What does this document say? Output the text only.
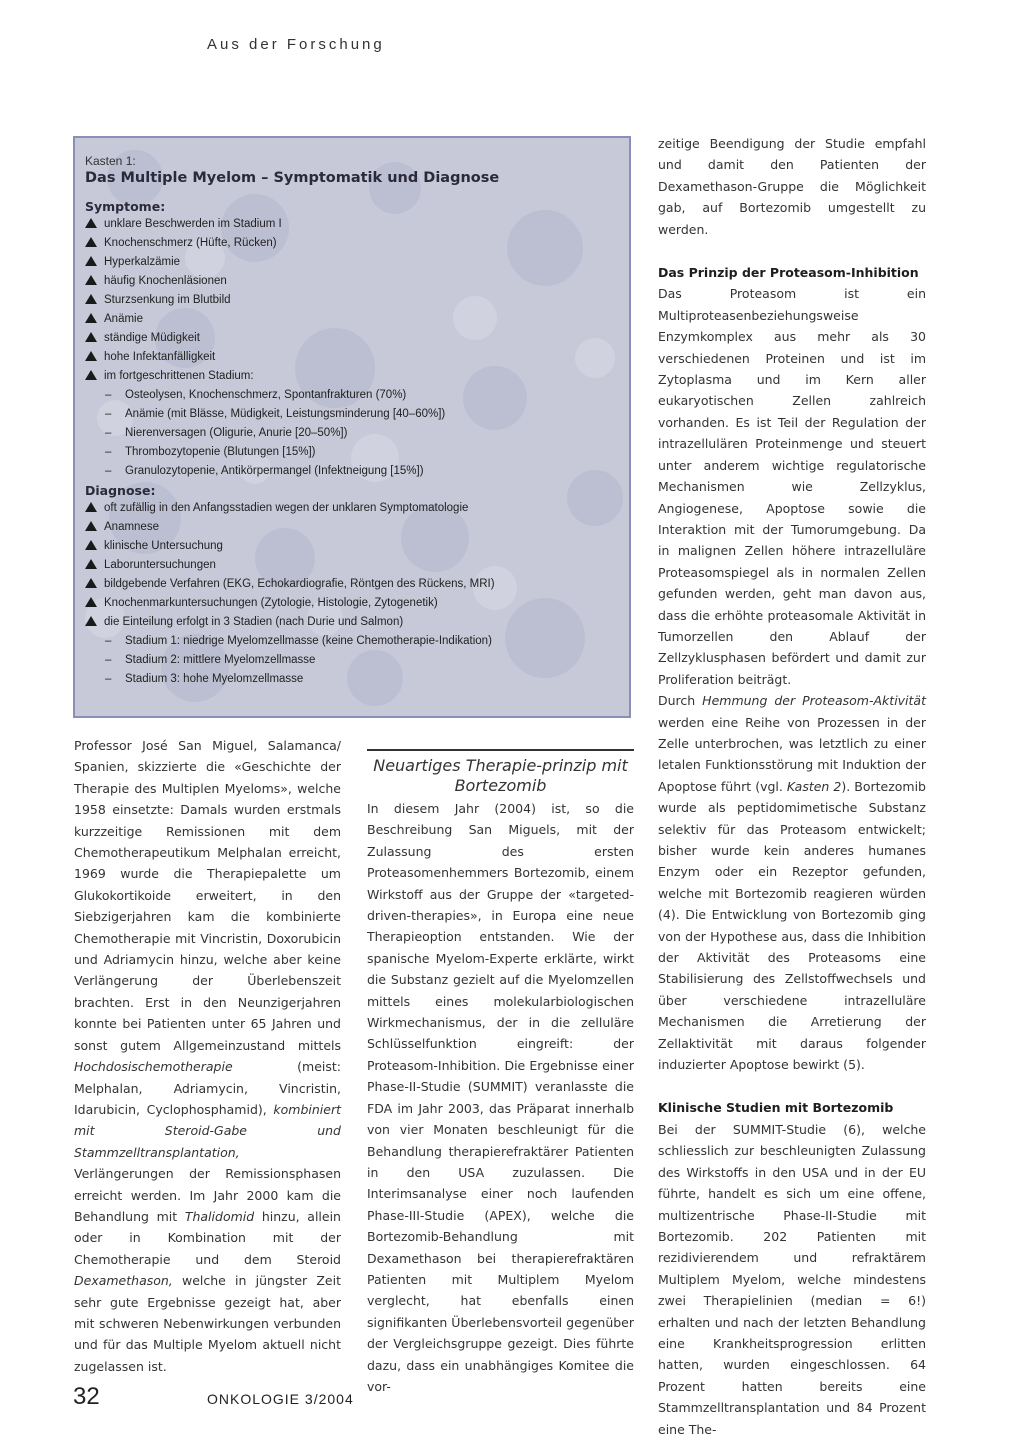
Aus der Forschung
Kasten 1:
Das Multiple Myelom – Symptomatik und Diagnose
Symptome:
unklare Beschwerden im Stadium I
Knochenschmerz (Hüfte, Rücken)
Hyperkalzämie
häufig Knochenläsionen
Sturzsenkung im Blutbild
Anämie
ständige Müdigkeit
hohe Infektanfälligkeit
im fortgeschrittenen Stadium:
– Osteolysen, Knochenschmerz, Spontanfrakturen (70%)
– Anämie (mit Blässe, Müdigkeit, Leistungsminderung [40–60%])
– Nierenversagen (Oligurie, Anurie [20–50%])
– Thrombozytopenie (Blutungen [15%])
– Granulozytopenie, Antikörpermangel (Infektneigung [15%])
Diagnose:
oft zufällig in den Anfangsstadien wegen der unklaren Symptomatologie
Anamnese
klinische Untersuchung
Laboruntersuchungen
bildgebende Verfahren (EKG, Echokardiografie, Röntgen des Rückens, MRI)
Knochenmarkuntersuchungen (Zytologie, Histologie, Zytogenetik)
die Einteilung erfolgt in 3 Stadien (nach Durie und Salmon)
– Stadium 1: niedrige Myelomzellmasse (keine Chemotherapie-Indikation)
– Stadium 2: mittlere Myelomzellmasse
– Stadium 3: hohe Myelomzellmasse

Professor José San Miguel, Salamanca/ Spanien, skizzierte die «Geschichte der Therapie des Multiplen Myeloms», welche 1958 einsetzte: Damals wurden erstmals kurzzeitige Remissionen mit dem Chemotherapeutikum Melphalan erreicht, 1969 wurde die Therapiepalette um Glukokortikoide erweitert, in den Siebzigerjahren kam die kombinierte Chemotherapie mit Vincristin, Doxorubicin und Adriamycin hinzu, welche aber keine Verlängerung der Überlebenszeit brachten. Erst in den Neunzigerjahren konnte bei Patienten unter 65 Jahren und sonst gutem Allgemeinzustand mittels Hochdosischemotherapie (meist: Melphalan, Adriamycin, Vincristin, Idarubicin, Cyclophosphamid), kombiniert mit Steroid-Gabe und Stammzelltransplantation, Verlängerungen der Remissionsphasen erreicht werden. Im Jahr 2000 kam die Behandlung mit Thalidomid hinzu, allein oder in Kombination mit der Chemotherapie und dem Steroid Dexamethason, welche in jüngster Zeit sehr gute Ergebnisse gezeigt hat, aber mit schweren Nebenwirkungen verbunden und für das Multiple Myelom aktuell nicht zugelassen ist.

Neuartiges Therapie-prinzip mit Bortezomib

In diesem Jahr (2004) ist, so die Beschreibung San Miguels, mit der Zulassung des ersten Proteasomenhemmers Bortezomib, einem Wirkstoff aus der Gruppe der «targeted-driven-therapies», in Europa eine neue Therapieoption entstanden. Wie der spanische Myelom-Experte erklärte, wirkt die Substanz gezielt auf die Myelomzellen mittels eines molekularbiologischen Wirkmechanismus, der in die zelluläre Schlüsselfunktion eingreift: der Proteasom-Inhibition. Die Ergebnisse einer Phase-II-Studie (SUMMIT) veranlasste die FDA im Jahr 2003, das Präparat innerhalb von vier Monaten beschleunigt für die Behandlung therapierefraktärer Patienten in den USA zuzulassen. Die Interimsanalyse einer noch laufenden Phase-III-Studie (APEX), welche die Bortezomib-Behandlung mit Dexamethason bei therapierefraktären Patienten mit Multiplem Myelom verglecht, hat ebenfalls einen signifikanten Überlebensvorteil gegenüber der Vergleichsgruppe gezeigt. Dies führte dazu, dass ein unabhängiges Komitee die vor-

zeitige Beendigung der Studie empfahl und damit den Patienten der Dexamethason-Gruppe die Möglichkeit gab, auf Bortezomib umgestellt zu werden.

Das Prinzip der Proteasom-Inhibition

Das Proteasom ist ein Multiproteasenbeziehungsweise Enzymkomplex aus mehr als 30 verschiedenen Proteinen und ist im Zytoplasma und im Kern aller eukaryotischen Zellen zahlreich vorhanden. Es ist Teil der Regulation der intrazellulären Proteinmenge und steuert unter anderem wichtige regulatorische Mechanismen wie Zellzyklus, Angiogenese, Apoptose sowie die Interaktion mit der Tumorumgebung. Da in malignen Zellen höhere intrazelluläre Proteasomspiegel als in normalen Zellen gefunden werden, geht man davon aus, dass die erhöhte proteasomale Aktivität in Tumorzellen den Ablauf der Zellzyklusphasen befördert und damit zur Proliferation beiträgt.

Durch Hemmung der Proteasom-Aktivität werden eine Reihe von Prozessen in der Zelle unterbrochen, was letztlich zu einer letalen Funktionsstörung mit Induktion der Apoptose führt (vgl. Kasten 2). Bortezomib wurde als peptidomimetische Substanz selektiv für das Proteasom entwickelt; bisher wurde kein anderes humanes Enzym oder ein Rezeptor gefunden, welche mit Bortezomib reagieren würden (4). Die Entwicklung von Bortezomib ging von der Hypothese aus, dass die Inhibition der Aktivität des Proteasoms eine Stabilisierung des Zellstoffwechsels und über verschiedene intrazelluläre Mechanismen die Arretierung der Zellaktivität mit daraus folgender induzierter Apoptose bewirkt (5).

Klinische Studien mit Bortezomib

Bei der SUMMIT-Studie (6), welche schliesslich zur beschleunigten Zulassung des Wirkstoffs in den USA und in der EU führte, handelt es sich um eine offene, multizentrische Phase-II-Studie mit Bortezomib. 202 Patienten mit rezidivierendem und refraktärem Multiplem Myelom, welche mindestens zwei Therapielinien (median = 6!) erhalten und nach der letzten Behandlung eine Krankheitsprogression erlitten hatten, wurden eingeschlossen. 64 Prozent hatten bereits eine Stammzelltransplantation und 84 Prozent eine The-

32	ONKOLOGIE 3/2004
